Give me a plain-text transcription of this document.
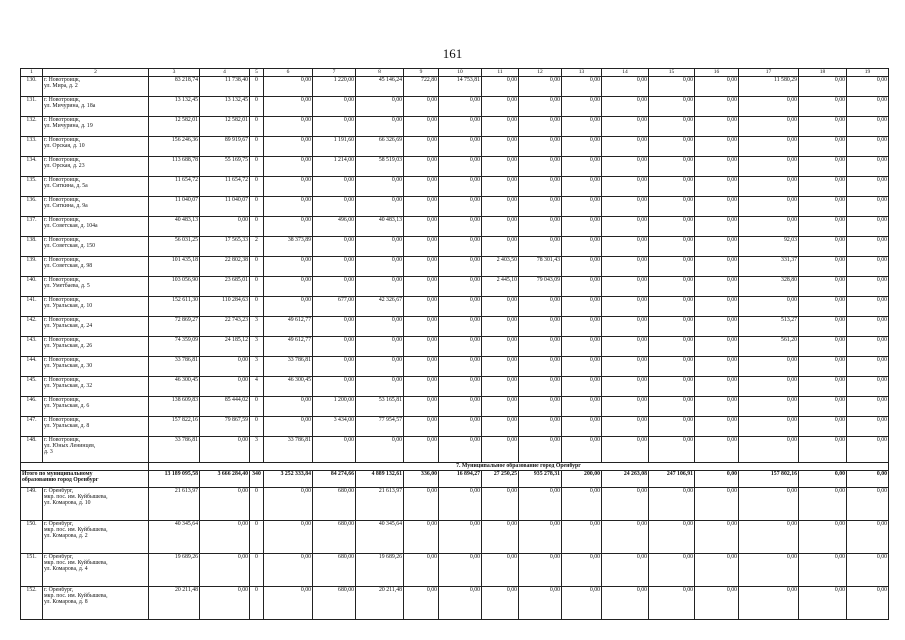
161
1	2	3	4	5	6	7	8	9	10	11	12	13	14	15	16	17	18	19
130.	г. Новотроицк,
ул. Мира, д. 2	83 218,74	11 738,40	0	0,00	1 220,00	45 146,24	722,80	14 753,81	0,00	0,00	0,00	0,00	0,00	0,00	11 580,29	0,00	0,00
131.	г. Новотроицк,
ул. Мичурина, д. 18а	13 132,45	13 132,45	0	0,00	0,00	0,00	0,00	0,00	0,00	0,00	0,00	0,00	0,00	0,00	0,00	0,00	0,00
132.	г. Новотроицк,
ул. Мичурина, д. 19	12 582,01	12 582,01	0	0,00	0,00	0,00	0,00	0,00	0,00	0,00	0,00	0,00	0,00	0,00	0,00	0,00	0,00
133.	г. Новотроицк,
ул. Орская, д. 10	156 246,36	89 919,67	0	0,00	1 191,60	66 326,69	0,00	0,00	0,00	0,00	0,00	0,00	0,00	0,00	0,00	0,00	0,00
134.	г. Новотроицк,
ул. Орская, д. 23	113 688,78	55 169,75	0	0,00	1 214,00	58 519,03	0,00	0,00	0,00	0,00	0,00	0,00	0,00	0,00	0,00	0,00	0,00
135.	г. Новотроицк,
ул. Ситкина, д. 5а	11 654,72	11 654,72	0	0,00	0,00	0,00	0,00	0,00	0,00	0,00	0,00	0,00	0,00	0,00	0,00	0,00	0,00
136.	г. Новотроицк,
ул. Ситкина, д. 9а	11 040,07	11 040,07	0	0,00	0,00	0,00	0,00	0,00	0,00	0,00	0,00	0,00	0,00	0,00	0,00	0,00	0,00
137.	г. Новотроицк,
ул. Советская, д. 104а	40 483,13	0,00	0	0,00	496,00	40 483,13	0,00	0,00	0,00	0,00	0,00	0,00	0,00	0,00	0,00	0,00	0,00
138.	г. Новотроицк,
ул. Советская, д. 150	56 031,25	17 565,33	2	38 373,89	0,00	0,00	0,00	0,00	0,00	0,00	0,00	0,00	0,00	0,00	92,03	0,00	0,00
139.	г. Новотроицк,
ул. Советская, д. 98	101 435,18	22 802,38	0	0,00	0,00	0,00	0,00	0,00	2 403,50	78 301,43	0,00	0,00	0,00	0,00	331,37	0,00	0,00
140.	г. Новотроицк,
ул. Уметбаева, д. 5	103 056,90	23 685,01	0	0,00	0,00	0,00	0,00	0,00	2 445,10	79 043,09	0,00	0,00	0,00	0,00	328,80	0,00	0,00
141.	г. Новотроицк,
ул. Уральская, д. 10	152 611,30	110 284,63	0	0,00	677,00	42 326,67	0,00	0,00	0,00	0,00	0,00	0,00	0,00	0,00	0,00	0,00	0,00
142.	г. Новотроицк,
ул. Уральская, д. 24	72 869,27	22 743,23	3	49 612,77	0,00	0,00	0,00	0,00	0,00	0,00	0,00	0,00	0,00	0,00	513,27	0,00	0,00
143.	г. Новотроицк,
ул. Уральская, д. 26	74 359,09	24 185,12	3	49 612,77	0,00	0,00	0,00	0,00	0,00	0,00	0,00	0,00	0,00	0,00	561,20	0,00	0,00
144.	г. Новотроицк,
ул. Уральская, д. 30	33 786,81	0,00	3	33 786,81	0,00	0,00	0,00	0,00	0,00	0,00	0,00	0,00	0,00	0,00	0,00	0,00	0,00
145.	г. Новотроицк,
ул. Уральская, д. 32	46 300,45	0,00	4	46 300,45	0,00	0,00	0,00	0,00	0,00	0,00	0,00	0,00	0,00	0,00	0,00	0,00	0,00
146.	г. Новотроицк,
ул. Уральская, д. 6	138 609,83	85 444,02	0	0,00	1 200,00	53 165,81	0,00	0,00	0,00	0,00	0,00	0,00	0,00	0,00	0,00	0,00	0,00
147.	г. Новотроицк,
ул. Уральская, д. 8	157 822,16	79 867,59	0	0,00	3 434,00	77 954,57	0,00	0,00	0,00	0,00	0,00	0,00	0,00	0,00	0,00	0,00	0,00
148.	г. Новотроицк,
ул. Юных Ленинцев,
д. 3	33 786,81	0,00	3	33 786,81	0,00	0,00	0,00	0,00	0,00	0,00	0,00	0,00	0,00	0,00	0,00	0,00	0,00
		7. Муниципальное образование город Оренбург																

Итого по муниципальному
образованию город Оренбург		13 189 095,58	3 666 284,40	340	3 252 333,84	84 274,66	4 889 132,61	336,00	16 894,27	27 250,25	935 278,31	200,00	24 263,08	247 106,91	0,00	157 802,16	0,00	0,00
149.	г. Оренбург,
мкр. пос. им. Куйбышева,
ул. Комарова, д. 10	21 613,97	0,00	0	0,00	680,00	21 613,97	0,00	0,00	0,00	0,00	0,00	0,00	0,00	0,00	0,00	0,00	0,00
150.	г. Оренбург,
мкр. пос. им. Куйбышева,
ул. Комарова, д. 2	40 345,64	0,00	0	0,00	680,00	40 345,64	0,00	0,00	0,00	0,00	0,00	0,00	0,00	0,00	0,00	0,00	0,00
151.	г. Оренбург,
мкр. пос. им. Куйбышева,
ул. Комарова, д. 4	19 689,26	0,00	0	0,00	680,00	19 689,26	0,00	0,00	0,00	0,00	0,00	0,00	0,00	0,00	0,00	0,00	0,00
152.	г. Оренбург,
мкр. пос. им. Куйбышева,
ул. Комарова, д. 8	20 211,48	0,00	0	0,00	680,00	20 211,48	0,00	0,00	0,00	0,00	0,00	0,00	0,00	0,00	0,00	0,00	0,00
